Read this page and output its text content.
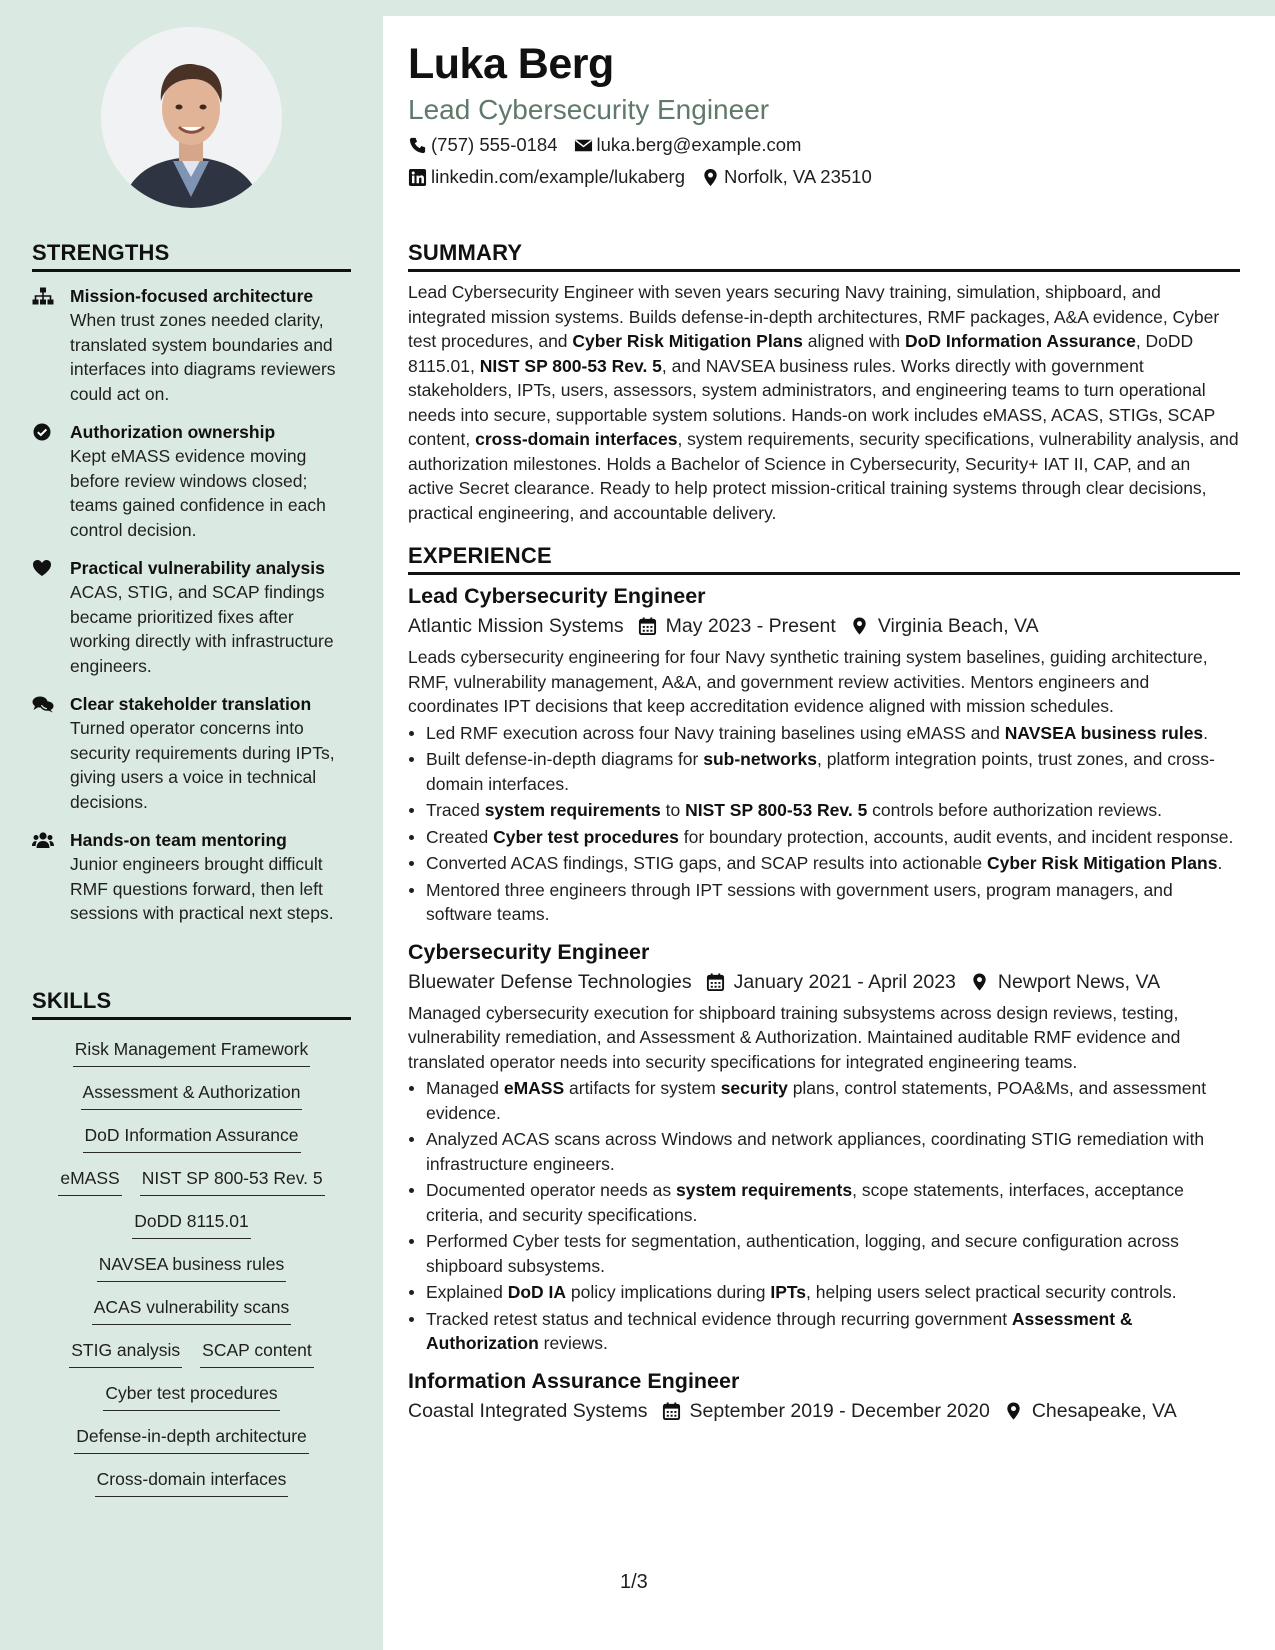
Luka Berg
Lead Cybersecurity Engineer
(757) 555-0184 luka.berg@example.com
linkedin.com/example/lukaberg Norfolk, VA 23510
STRENGTHS
Mission-focused architecture
When trust zones needed clarity, translated system boundaries and interfaces into diagrams reviewers could act on.
Authorization ownership
Kept eMASS evidence moving before review windows closed; teams gained confidence in each control decision.
Practical vulnerability analysis
ACAS, STIG, and SCAP findings became prioritized fixes after working directly with infrastructure engineers.
Clear stakeholder translation
Turned operator concerns into security requirements during IPTs, giving users a voice in technical decisions.
Hands-on team mentoring
Junior engineers brought difficult RMF questions forward, then left sessions with practical next steps.
SKILLS
Risk Management Framework
Assessment & Authorization
DoD Information Assurance
eMASS NIST SP 800-53 Rev. 5
DoDD 8115.01
NAVSEA business rules
ACAS vulnerability scans
STIG analysis SCAP content
Cyber test procedures
Defense-in-depth architecture
Cross-domain interfaces
SUMMARY

Lead Cybersecurity Engineer with seven years securing Navy training, simulation, shipboard, and integrated mission systems. Builds defense-in-depth architectures, RMF packages, A&A evidence, Cyber test procedures, and Cyber Risk Mitigation Plans aligned with DoD Information Assurance, DoDD 8115.01, NIST SP 800-53 Rev. 5, and NAVSEA business rules. Works directly with government stakeholders, IPTs, users, assessors, system administrators, and engineering teams to turn operational needs into secure, supportable system solutions. Hands-on work includes eMASS, ACAS, STIGs, SCAP content, cross-domain interfaces, system requirements, security specifications, vulnerability analysis, and authorization milestones. Holds a Bachelor of Science in Cybersecurity, Security+ IAT II, CAP, and an active Secret clearance. Ready to help protect mission-critical training systems through clear decisions, practical engineering, and accountable delivery.

EXPERIENCE
Lead Cybersecurity Engineer
Atlantic Mission Systems	May 2023 - Present	Virginia Beach, VA

Leads cybersecurity engineering for four Navy synthetic training system baselines, guiding architecture, RMF, vulnerability management, A&A, and government review activities. Mentors engineers and coordinates IPT decisions that keep accreditation evidence aligned with mission schedules.

• Led RMF execution across four Navy training baselines using eMASS and NAVSEA business rules.
• Built defense-in-depth diagrams for sub-networks, platform integration points, trust zones, and cross-domain interfaces.
• Traced system requirements to NIST SP 800-53 Rev. 5 controls before authorization reviews.
• Created Cyber test procedures for boundary protection, accounts, audit events, and incident response.
• Converted ACAS findings, STIG gaps, and SCAP results into actionable Cyber Risk Mitigation Plans.
• Mentored three engineers through IPT sessions with government users, program managers, and software teams.
Cybersecurity Engineer
Bluewater Defense Technologies	January 2021 - April 2023	Newport News, VA

Managed cybersecurity execution for shipboard training subsystems across design reviews, testing, vulnerability remediation, and Assessment & Authorization. Maintained auditable RMF evidence and translated operator needs into security specifications for integrated engineering teams.

• Managed eMASS artifacts for system security plans, control statements, POA&Ms, and assessment evidence.
• Analyzed ACAS scans across Windows and network appliances, coordinating STIG remediation with infrastructure engineers.
• Documented operator needs as system requirements, scope statements, interfaces, acceptance criteria, and security specifications.
• Performed Cyber tests for segmentation, authentication, logging, and secure configuration across shipboard subsystems.
• Explained DoD IA policy implications during IPTs, helping users select practical security controls.
• Tracked retest status and technical evidence through recurring government Assessment & Authorization reviews.
Information Assurance Engineer
Coastal Integrated Systems	September 2019 - December 2020	Chesapeake, VA
1/3
